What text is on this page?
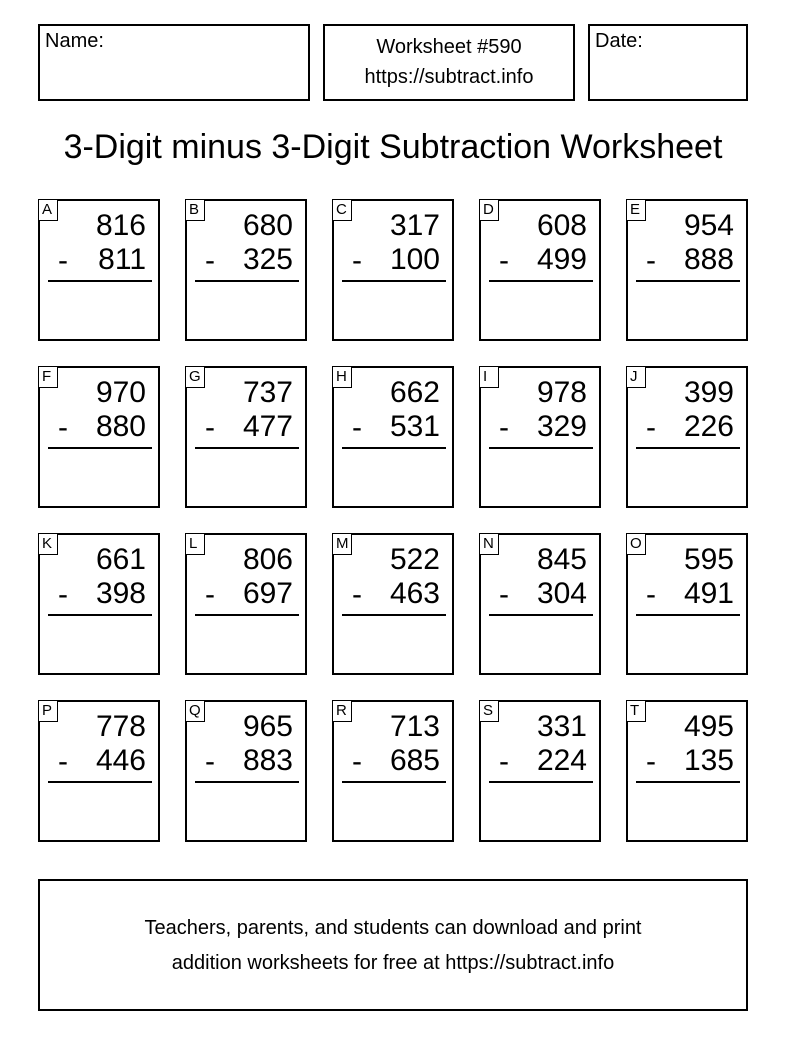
Name:	Worksheet #590
https://subtract.info
Date:
3-Digit minus 3-Digit Subtraction Worksheet
A 816
- 811
B 680
- 325
C 317
- 100
D 608
- 499
E 954
- 888
F 970
- 880
G 737
- 477
H 662
- 531
I	978
- 329
J 399
- 226
K 661
- 398
L 806
- 697
M 522
- 463
N 845
- 304
O 595
- 491
P 778
- 446
Q 965
- 883
R 713
- 685
S 331
- 224
T 495
- 135
Teachers, parents, and students can download and print
addition worksheets for free at https://subtract.info
